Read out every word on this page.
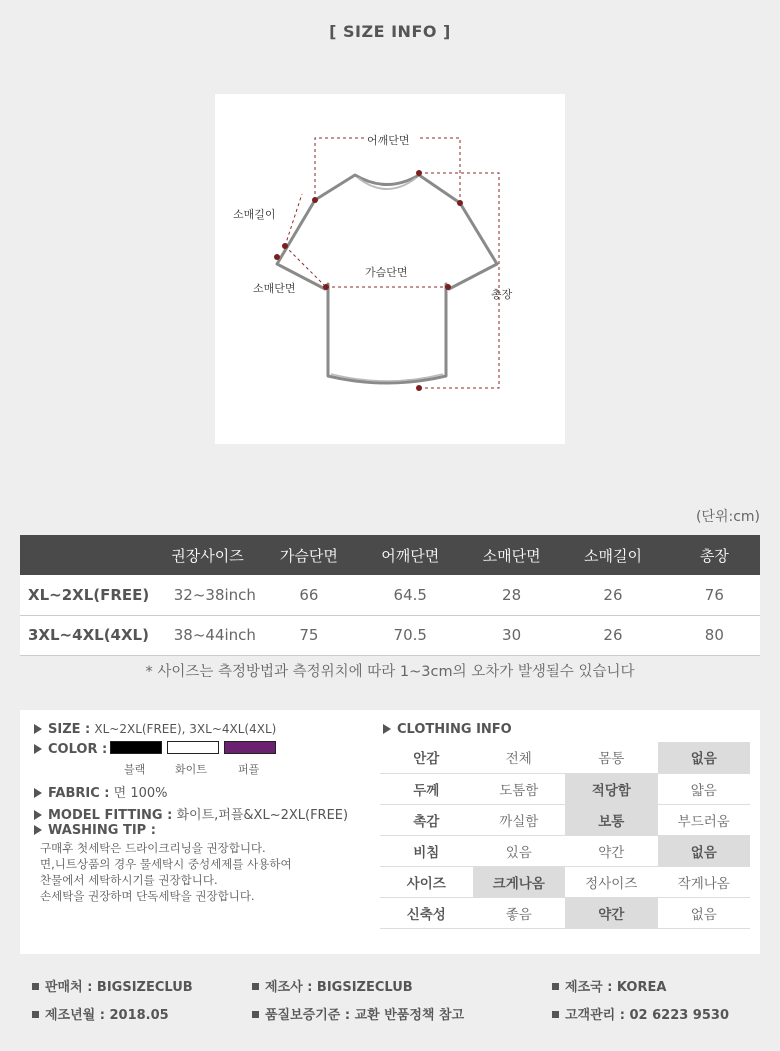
[ SIZE INFO ]
어깨단면
소매길이
가슴단면
소매단면	총장
(단위:cm)
	권장사이즈	가슴단면	어깨단면	소매단면	소매길이	총장
XL~2XL(FREE)	32~38inch	66	64.5	28	26	76
3XL~4XL(4XL)	38~44inch	75	70.5	30	26	80
* 사이즈는 측정방법과 측정위치에 따라 1~3cm의 오차가 발생될수 있습니다
SIZE : XL~2XL(FREE), 3XL~4XL(4XL)
COLOR :
블랙	화이트	퍼플
FABRIC : 면 100%
MODEL FITTING : 화이트,퍼플&XL~2XL(FREE)
WASHING TIP :
구매후 첫세탁은 드라이크리닝을 권장합니다.
면,니트상품의 경우 물세탁시 중성세제를 사용하여
찬물에서 세탁하시기를 권장합니다.
손세탁을 권장하며 단독세탁을 권장합니다.
CLOTHING INFO
안감	전체	몸통	없음
두께	도톰함	적당함	얇음
촉감	까실함	보통	부드러움
비침	있음	약간	없음
사이즈	크게나옴	정사이즈	작게나옴
신축성	좋음	약간	없음
판매처 : BIGSIZECLUB	제조사 : BIGSIZECLUB	제조국 : KOREA
제조년월 : 2018.05	품질보증기준 : 교환 반품정책 참고	고객관리 : 02 6223 9530
